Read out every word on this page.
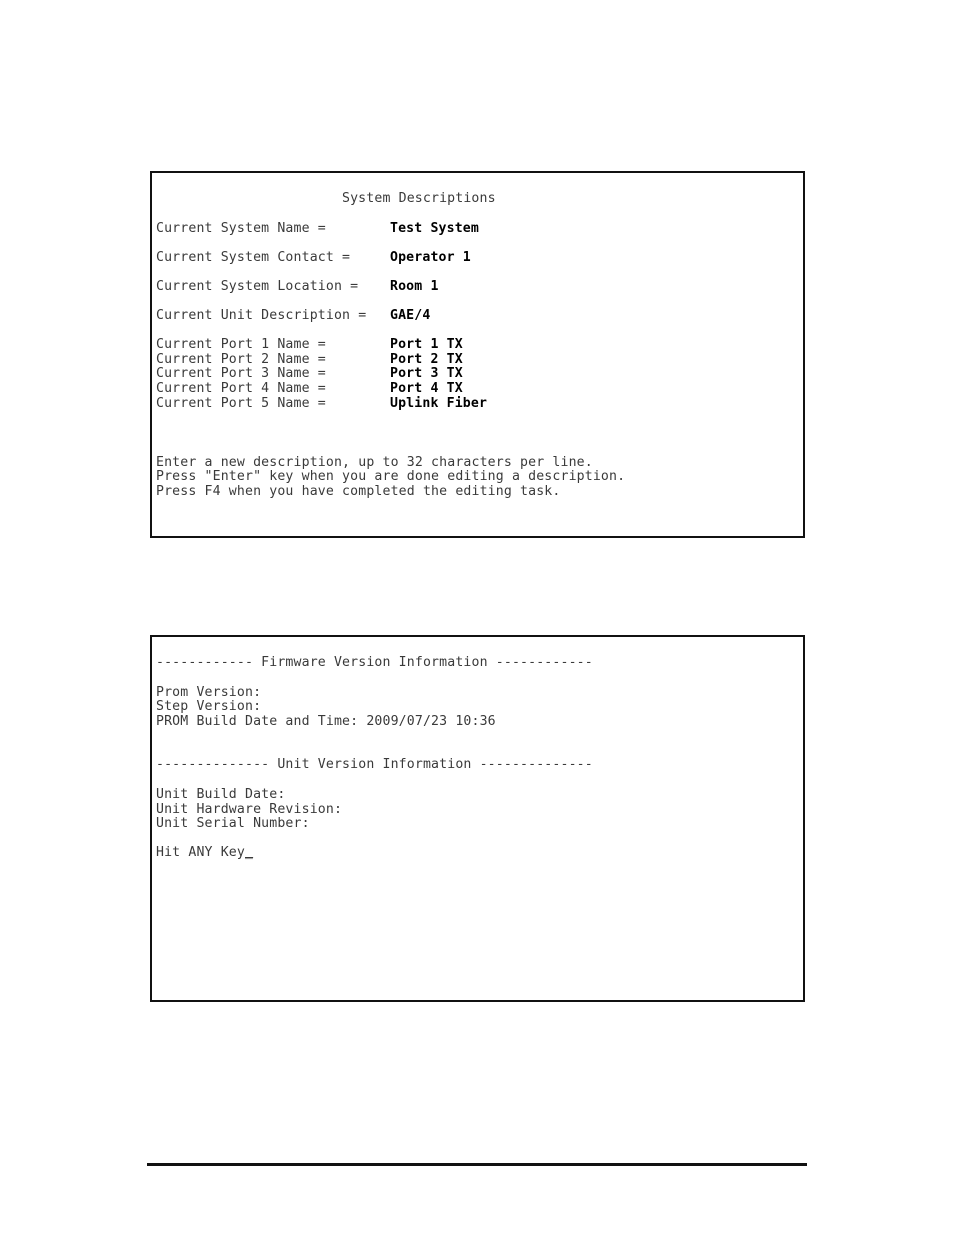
System Descriptions
Current System Name =	Test System
Current System Contact =	Operator 1
Current System Location = Room 1
Current Unit Description = GAE/4
Current Port 1 Name =	Port 1 TX
Current Port 2 Name =	Port 2 TX
Current Port 3 Name =	Port 3 TX
Current Port 4 Name =	Port 4 TX
Current Port 5 Name =	Uplink Fiber
Enter a new description, up to 32 characters per line.
Press "Enter" key when you are done editing a description.
Press F4 when you have completed the editing task.
------------ Firmware Version Information ------------
Prom Version:
Step Version:
PROM Build Date and Time: 2009/07/23 10:36
-------------- Unit Version Information --------------
Unit Build Date:
Unit Hardware Revision:
Unit Serial Number:
Hit ANY Key_
